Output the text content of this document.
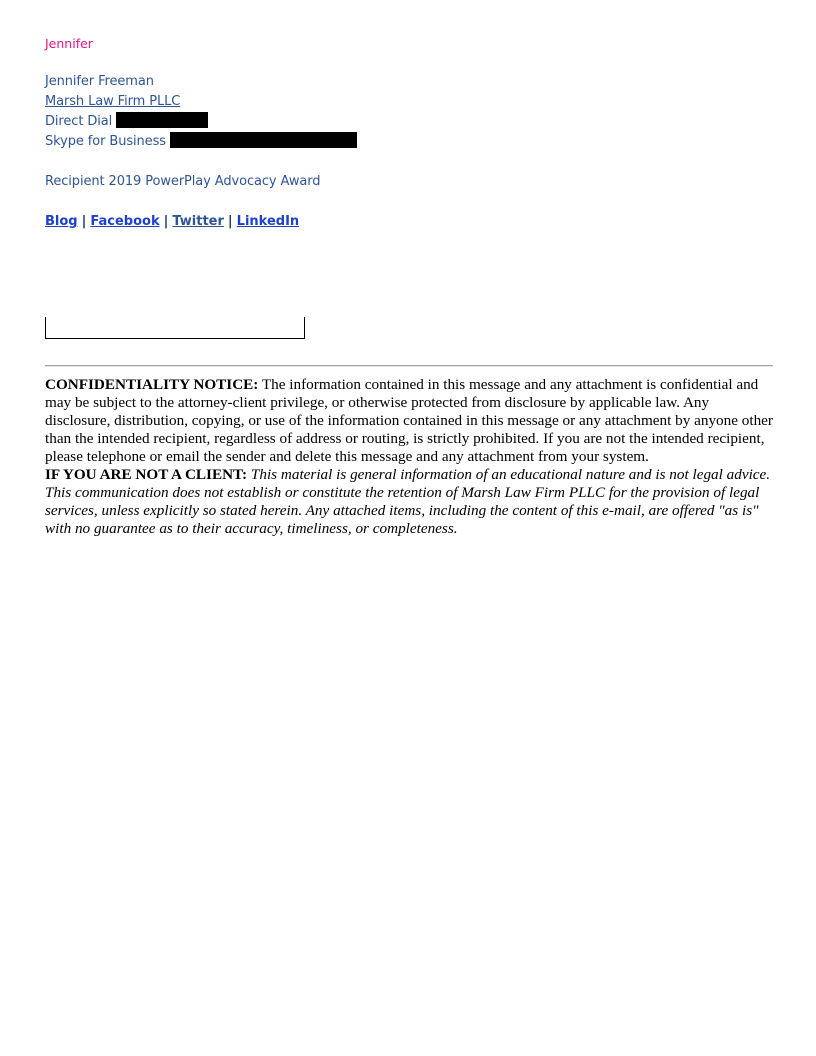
Jennifer
Jennifer Freeman
Marsh Law Firm PLLC
Direct Dial
Skype for Business
Recipient 2019 PowerPlay Advocacy Award
Blog | Facebook | Twitter | LinkedIn

CONFIDENTIALITY NOTICE: The information contained in this message and any attachment is confidential and may be subject to the attorney-client privilege, or otherwise protected from disclosure by applicable law. Any disclosure, distribution, copying, or use of the information contained in this message or any attachment by anyone other than the intended recipient, regardless of address or routing, is strictly prohibited. If you are not the intended recipient, please telephone or email the sender and delete this message and any attachment from your system.

IF YOU ARE NOT A CLIENT: This material is general information of an educational nature and is not legal advice. This communication does not establish or constitute the retention of Marsh Law Firm PLLC for the provision of legal services, unless explicitly so stated herein. Any attached items, including the content of this e-mail, are offered "as is" with no guarantee as to their accuracy, timeliness, or completeness.
